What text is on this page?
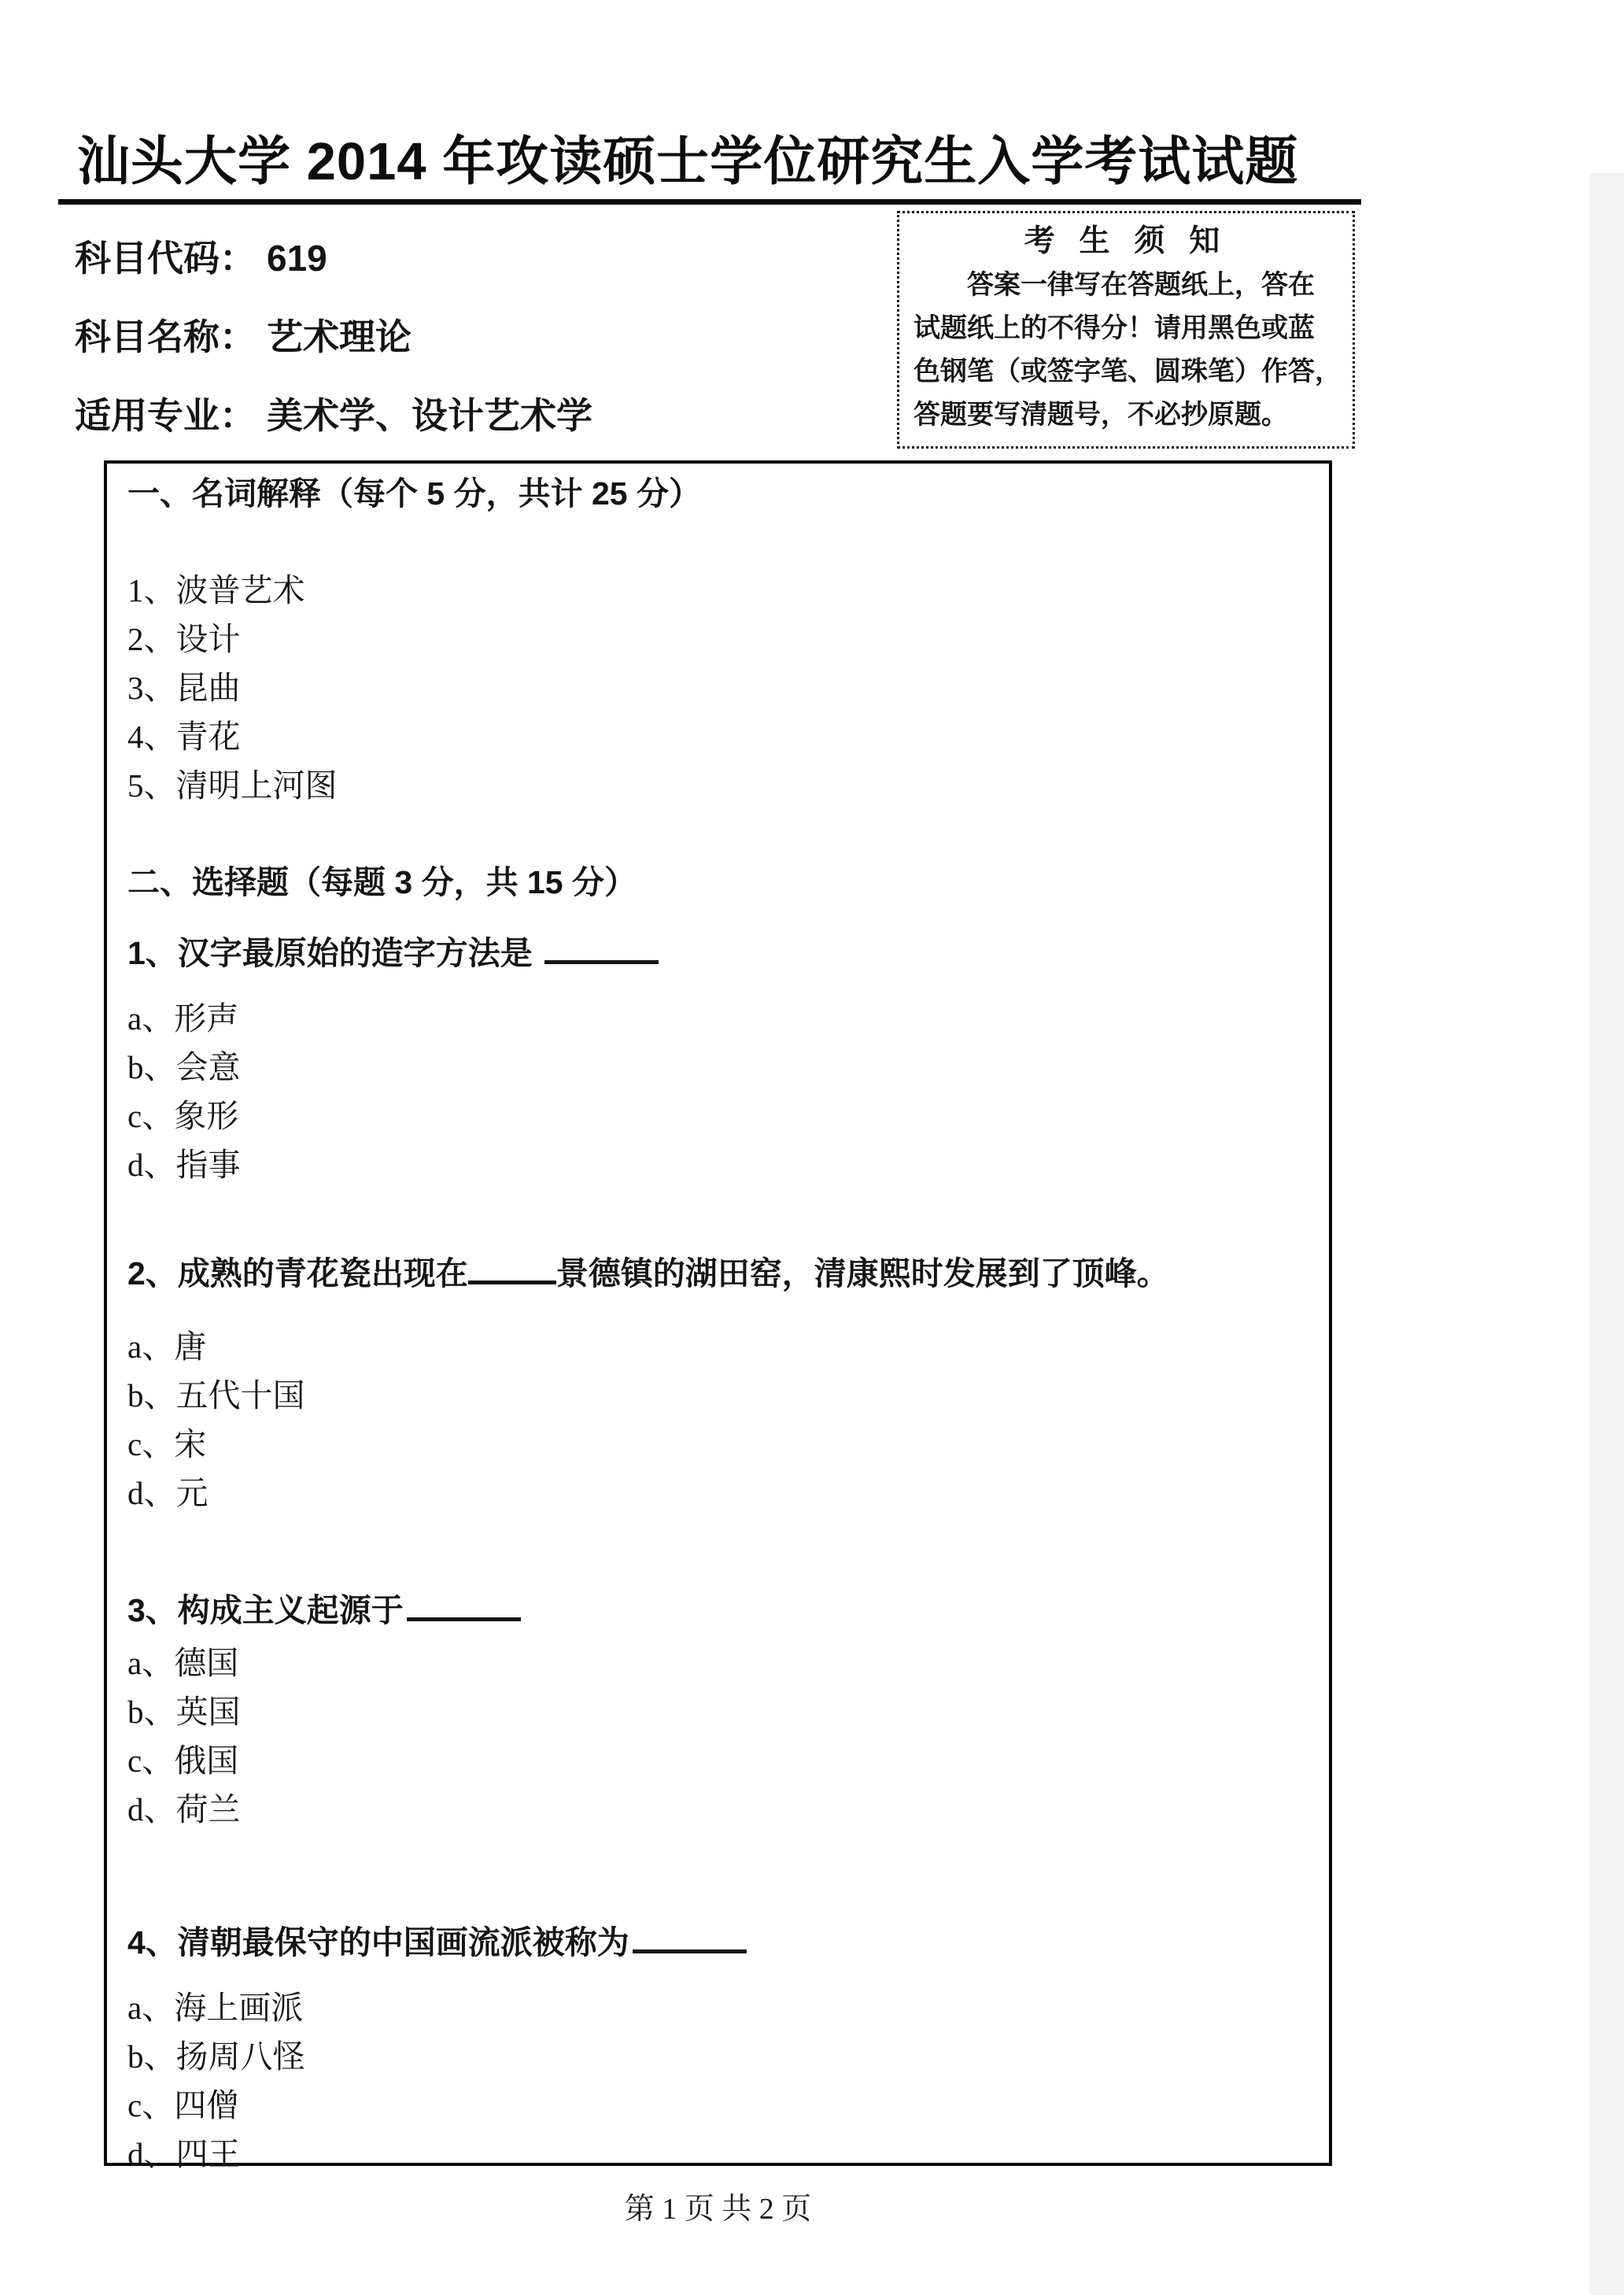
汕头大学 2014 年攻读硕士学位研究生入学考试试题
科目代码： 619
科目名称： 艺术理论
适用专业： 美术学、设计艺术学
考 生 须 知
答案一律写在答题纸上，答在
试题纸上的不得分！请用黑色或蓝
色钢笔（或签字笔、圆珠笔）作答，
答题要写清题号，不必抄原题。
一、名词解释（每个 5 分，共计 25 分）
1、波普艺术
2、设计
3、昆曲
4、青花
5、清明上河图
二、选择题（每题 3 分，共 15 分）
1、汉字最原始的造字方法是
a、形声
b、会意
c、象形
d、指事
2、成熟的青花瓷出现在	景德镇的湖田窑，清康熙时发展到了顶峰。
a、唐
b、五代十国
c、宋
d、元
3、构成主义起源于
a、德国
b、英国
c、俄国
d、荷兰
4、清朝最保守的中国画流派被称为
a、海上画派
b、扬周八怪
c、四僧
d、四王
第 1 页 共 2 页
